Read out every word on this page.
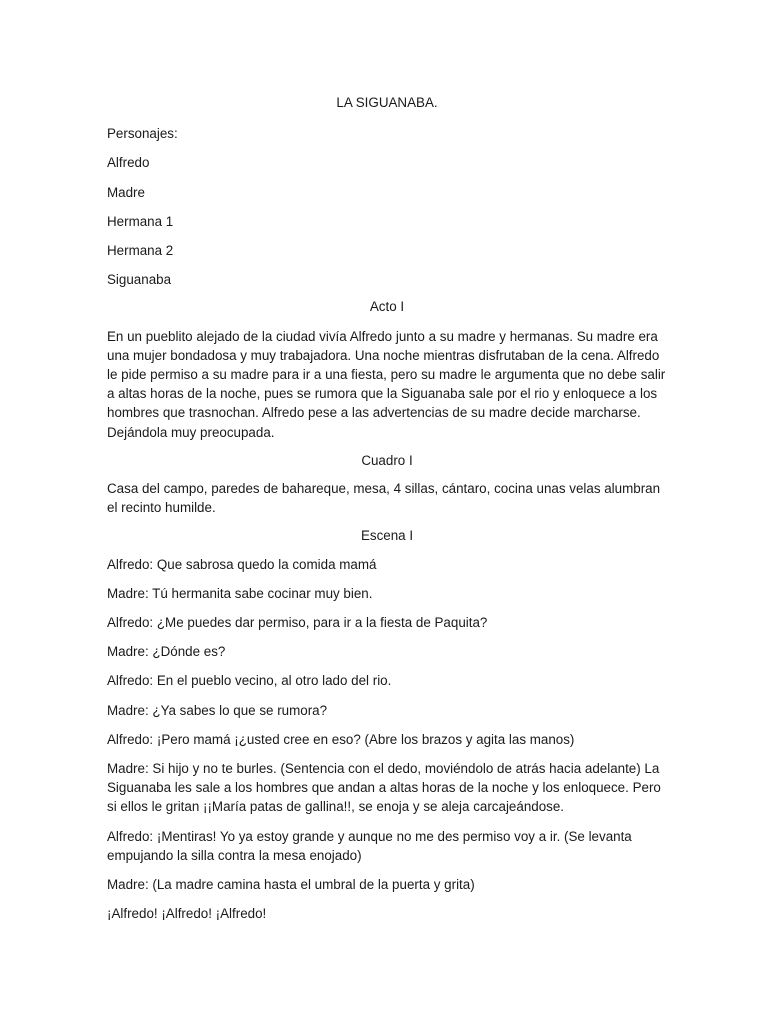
LA SIGUANABA.

Personajes:

Alfredo

Madre

Hermana 1

Hermana 2

Siguanaba

Acto I

En un pueblito alejado de la ciudad vivía Alfredo junto a su madre y hermanas. Su madre era una mujer bondadosa y muy trabajadora. Una noche mientras disfrutaban de la cena. Alfredo le pide permiso a su madre para ir a una fiesta, pero su madre le argumenta que no debe salir a altas horas de la noche, pues se rumora que la Siguanaba sale por el rio y enloquece a los hombres que trasnochan. Alfredo pese a las advertencias de su madre decide marcharse. Dejándola muy preocupada.

Cuadro I

Casa del campo, paredes de bahareque, mesa, 4 sillas, cántaro, cocina unas velas alumbran el recinto humilde.

Escena I

Alfredo: Que sabrosa quedo la comida mamá

Madre: Tú hermanita sabe cocinar muy bien.

Alfredo: ¿Me puedes dar permiso, para ir a la fiesta de Paquita?

Madre: ¿Dónde es?

Alfredo: En el pueblo vecino, al otro lado del rio.

Madre: ¿Ya sabes lo que se rumora?

Alfredo: ¡Pero mamá ¡¿usted cree en eso? (Abre los brazos y agita las manos)

Madre: Si hijo y no te burles. (Sentencia con el dedo, moviéndolo de atrás hacia adelante) La Siguanaba les sale a los hombres que andan a altas horas de la noche y los enloquece. Pero si ellos le gritan ¡¡María patas de gallina!!, se enoja y se aleja carcajeándose.

Alfredo: ¡Mentiras! Yo ya estoy grande y aunque no me des permiso voy a ir. (Se levanta empujando la silla contra la mesa enojado)

Madre: (La madre camina hasta el umbral de la puerta y grita)

¡Alfredo! ¡Alfredo! ¡Alfredo!
